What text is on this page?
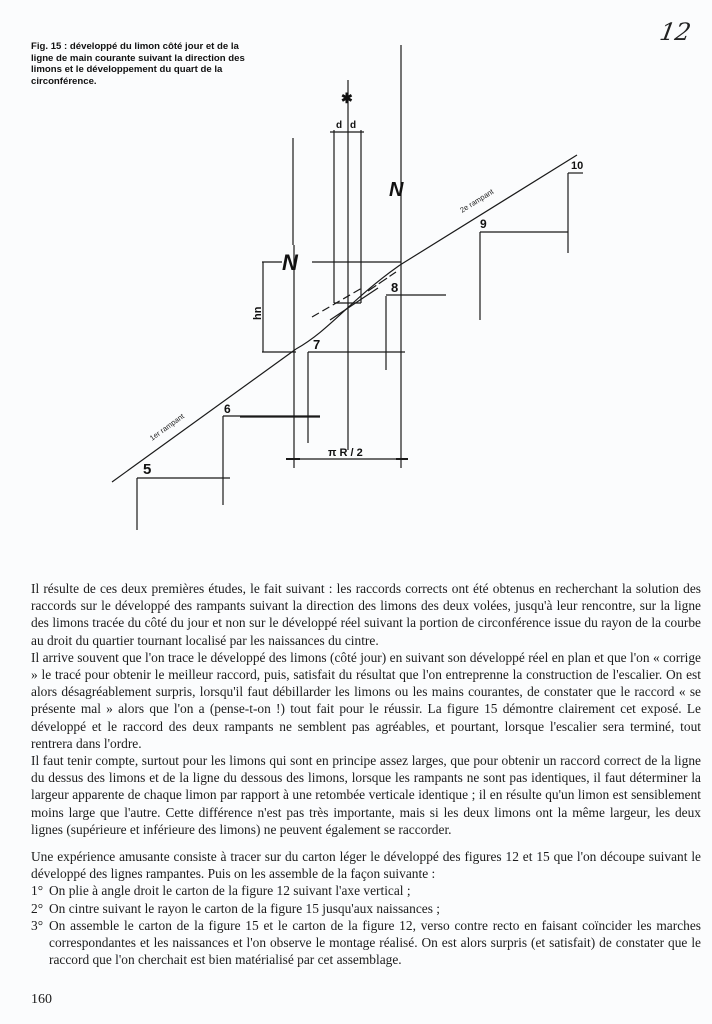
Fig. 15 : développé du limon côté jour et de la ligne de main courante suivant la direction des limons et le développement du quart de la circonférence.
12
5
6
7
8
9
10
1er rampant
2e rampant
d d
hn
π R / 2
✱
N
N

Il résulte de ces deux premières études, le fait suivant : les raccords corrects ont été obtenus en recherchant la solution des raccords sur le développé des rampants suivant la direction des limons des deux volées, jusqu'à leur rencontre, sur la ligne des limons tracée du côté du jour et non sur le développé réel suivant la portion de circonférence issue du rayon de la courbe au droit du quartier tournant localisé par les naissances du cintre.

Il arrive souvent que l'on trace le développé des limons (côté jour) en suivant son développé réel en plan et que l'on « corrige » le tracé pour obtenir le meilleur raccord, puis, satisfait du résultat que l'on entreprenne la construction de l'escalier. On est alors désagréablement surpris, lorsqu'il faut débillarder les limons ou les mains courantes, de constater que le raccord « se présente mal » alors que l'on a (pense-t-on !) tout fait pour le réussir. La figure 15 démontre clairement cet exposé. Le développé et le raccord des deux rampants ne semblent pas agréables, et pourtant, lorsque l'escalier sera terminé, tout rentrera dans l'ordre.

Il faut tenir compte, surtout pour les limons qui sont en principe assez larges, que pour obtenir un raccord correct de la ligne du dessus des limons et de la ligne du dessous des limons, lorsque les rampants ne sont pas identiques, il faut déterminer la largeur apparente de chaque limon par rapport à une retombée verticale identique ; il en résulte qu'un limon est sensiblement moins large que l'autre. Cette différence n'est pas très importante, mais si les deux limons ont la même largeur, les deux lignes (supérieure et inférieure des limons) ne peuvent également se raccorder.

Une expérience amusante consiste à tracer sur du carton léger le développé des figures 12 et 15 que l'on découpe suivant le développé des lignes rampantes. Puis on les assemble de la façon suivante :

1° On plie à angle droit le carton de la figure 12 suivant l'axe vertical ;
2° On cintre suivant le rayon le carton de la figure 15 jusqu'aux naissances ;
3° On assemble le carton de la figure 15 et le carton de la figure 12, verso contre recto en faisant coïncider les marches correspondantes et les naissances et l'on observe le montage réalisé. On est alors surpris (et satisfait) de constater que le raccord que l'on cherchait est bien matérialisé par cet assemblage.
160
